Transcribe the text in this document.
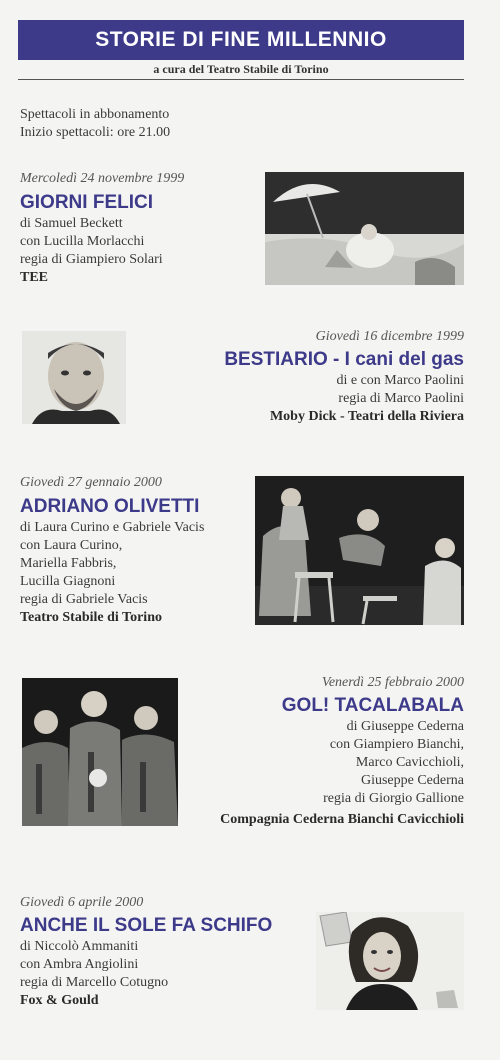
STORIE DI FINE MILLENNIO
a cura del Teatro Stabile di Torino
Spettacoli in abbonamento
Inizio spettacoli: ore 21.00
Mercoledì 24 novembre 1999
GIORNI FELICI
di Samuel Beckett
con Lucilla Morlacchi
regia di Giampiero Solari
TEE
Giovedì 16 dicembre 1999
BESTIARIO - I cani del gas
di e con Marco Paolini
regia di Marco Paolini
Moby Dick - Teatri della Riviera
Giovedì 27 gennaio 2000
ADRIANO OLIVETTI
di Laura Curino e Gabriele Vacis
con Laura Curino,
Mariella Fabbris,
Lucilla Giagnoni
regia di Gabriele Vacis
Teatro Stabile di Torino
Venerdì 25 febbraio 2000
GOL! TACALABALA
di Giuseppe Cederna
con Giampiero Bianchi,
Marco Cavicchioli,
Giuseppe Cederna
regia di Giorgio Gallione
Compagnia Cederna Bianchi Cavicchioli
Giovedì 6 aprile 2000
ANCHE IL SOLE FA SCHIFO
di Niccolò Ammaniti
con Ambra Angiolini
regia di Marcello Cotugno
Fox & Gould
